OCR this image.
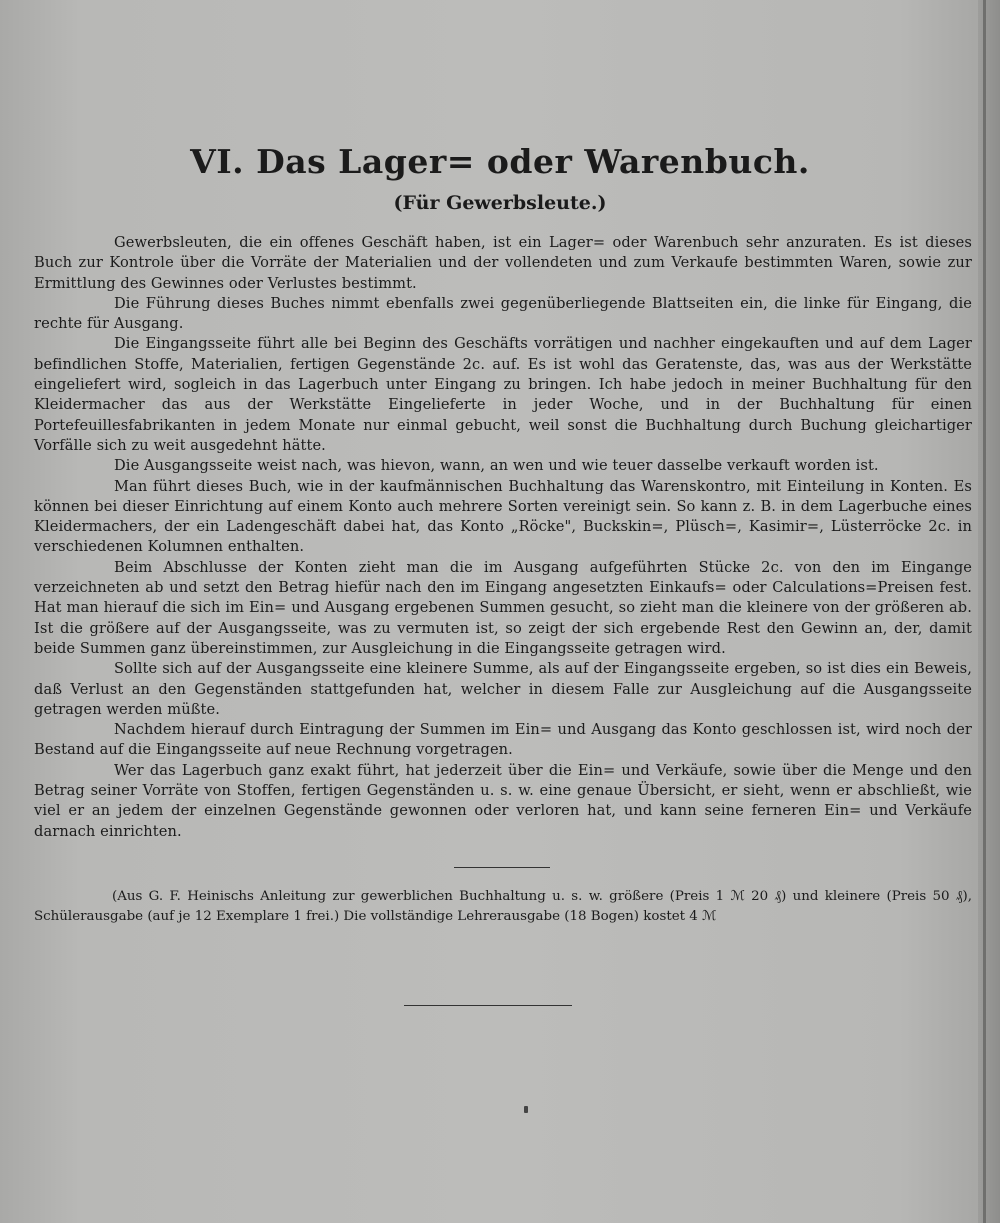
VI. Das Lager= oder Warenbuch.
(Für Gewerbsleute.)

Gewerbsleuten, die ein offenes Geschäft haben, ist ein Lager= oder Warenbuch sehr anzuraten. Es ist dieses Buch zur Kontrole über die Vorräte der Materialien und der vollendeten und zum Verkaufe bestimmten Waren, sowie zur Ermittlung des Gewinnes oder Verlustes bestimmt.

Die Führung dieses Buches nimmt ebenfalls zwei gegenüberliegende Blattseiten ein, die linke für Eingang, die rechte für Ausgang.

Die Eingangsseite führt alle bei Beginn des Geschäfts vorrätigen und nachher eingekauften und auf dem Lager befindlichen Stoffe, Materialien, fertigen Gegenstände 2c. auf. Es ist wohl das Geratenste, das, was aus der Werkstätte eingeliefert wird, sogleich in das Lagerbuch unter Eingang zu bringen. Ich habe jedoch in meiner Buchhaltung für den Kleidermacher das aus der Werkstätte Eingelieferte in jeder Woche, und in der Buchhaltung für einen Portefeuillesfabrikanten in jedem Monate nur einmal gebucht, weil sonst die Buchhaltung durch Buchung gleichartiger Vorfälle sich zu weit ausgedehnt hätte.

Die Ausgangsseite weist nach, was hievon, wann, an wen und wie teuer dasselbe verkauft worden ist.

Man führt dieses Buch, wie in der kaufmännischen Buchhaltung das Warenskontro, mit Einteilung in Konten. Es können bei dieser Einrichtung auf einem Konto auch mehrere Sorten vereinigt sein. So kann z. B. in dem Lagerbuche eines Kleidermachers, der ein Ladengeschäft dabei hat, das Konto „Röcke", Buckskin=, Plüsch=, Kasimir=, Lüsterröcke 2c. in verschiedenen Kolumnen enthalten.

Beim Abschlusse der Konten zieht man die im Ausgang aufgeführten Stücke 2c. von den im Eingange verzeichneten ab und setzt den Betrag hiefür nach den im Eingang angesetzten Einkaufs= oder Calculations=Preisen fest. Hat man hierauf die sich im Ein= und Ausgang ergebenen Summen gesucht, so zieht man die kleinere von der größeren ab. Ist die größere auf der Ausgangsseite, was zu vermuten ist, so zeigt der sich ergebende Rest den Gewinn an, der, damit beide Summen ganz übereinstimmen, zur Ausgleichung in die Eingangsseite getragen wird.

Sollte sich auf der Ausgangsseite eine kleinere Summe, als auf der Eingangsseite ergeben, so ist dies ein Beweis, daß Verlust an den Gegenständen stattgefunden hat, welcher in diesem Falle zur Ausgleichung auf die Ausgangsseite getragen werden müßte.

Nachdem hierauf durch Eintragung der Summen im Ein= und Ausgang das Konto geschlossen ist, wird noch der Bestand auf die Eingangsseite auf neue Rechnung vorgetragen.

Wer das Lagerbuch ganz exakt führt, hat jederzeit über die Ein= und Verkäufe, sowie über die Menge und den Betrag seiner Vorräte von Stoffen, fertigen Gegenständen u. s. w. eine genaue Übersicht, er sieht, wenn er abschließt, wie viel er an jedem der einzelnen Gegenstände gewonnen oder verloren hat, und kann seine ferneren Ein= und Verkäufe darnach einrichten.

(Aus G. F. Heinischs Anleitung zur gewerblichen Buchhaltung u. s. w. größere (Preis 1 ℳ 20 ₰) und kleinere (Preis 50 ₰), Schülerausgabe (auf je 12 Exemplare 1 frei.) Die vollständige Lehrerausgabe (18 Bogen) kostet 4 ℳ
